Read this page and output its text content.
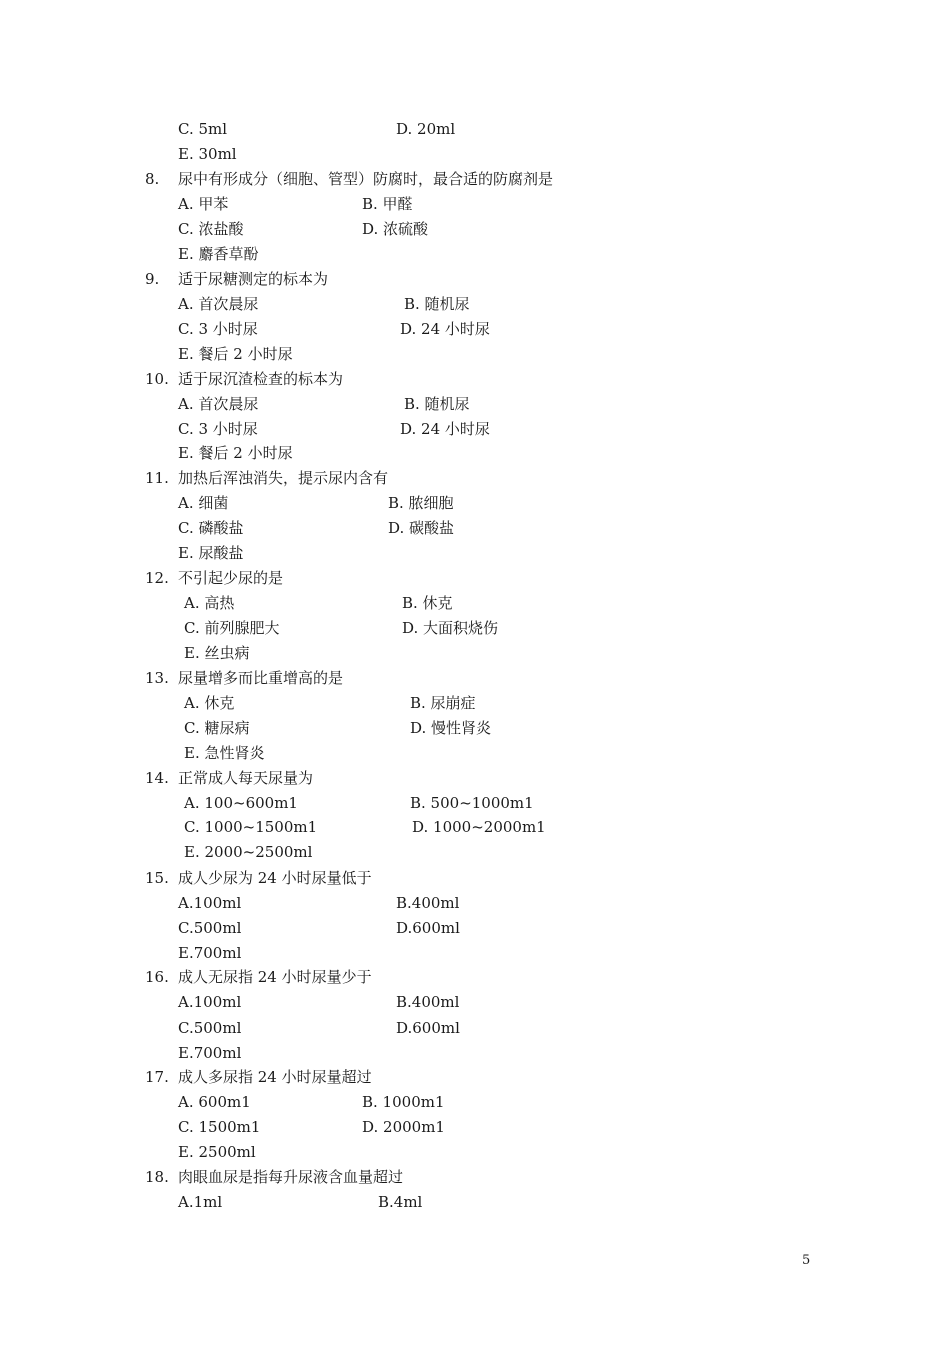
C. 5ml	D. 20ml
E. 30ml
8. 尿中有形成分（细胞、管型）防腐时，最合适的防腐剂是
A. 甲苯	B. 甲醛
C. 浓盐酸	D. 浓硫酸
E. 麝香草酚
9. 适于尿糖测定的标本为
A. 首次晨尿	B. 随机尿
C. 3 小时尿	D. 24 小时尿
E. 餐后 2 小时尿
10. 适于尿沉渣检查的标本为
A. 首次晨尿	B. 随机尿
C. 3 小时尿	D. 24 小时尿
E. 餐后 2 小时尿
11. 加热后浑浊消失，提示尿内含有
A. 细菌	B. 脓细胞
C. 磷酸盐	D. 碳酸盐
E. 尿酸盐
12. 不引起少尿的是
A. 高热	B. 休克
C. 前列腺肥大	D. 大面积烧伤
E. 丝虫病
13. 尿量增多而比重增高的是
A. 休克	B. 尿崩症
C. 糖尿病	D. 慢性肾炎
E. 急性肾炎
14. 正常成人每天尿量为
A. 100~600m1	B. 500~1000m1
C. 1000~1500m1	D. 1000~2000m1
E. 2000~2500ml
15. 成人少尿为 24 小时尿量低于
A.100ml	B.400ml
C.500ml	D.600ml
E.700ml
16. 成人无尿指 24 小时尿量少于
A.100ml	B.400ml
C.500ml	D.600ml
E.700ml
17. 成人多尿指 24 小时尿量超过
A. 600m1	B. 1000m1
C. 1500m1	D. 2000m1
E. 2500ml
18. 肉眼血尿是指每升尿液含血量超过
A.1ml	B.4ml
5
